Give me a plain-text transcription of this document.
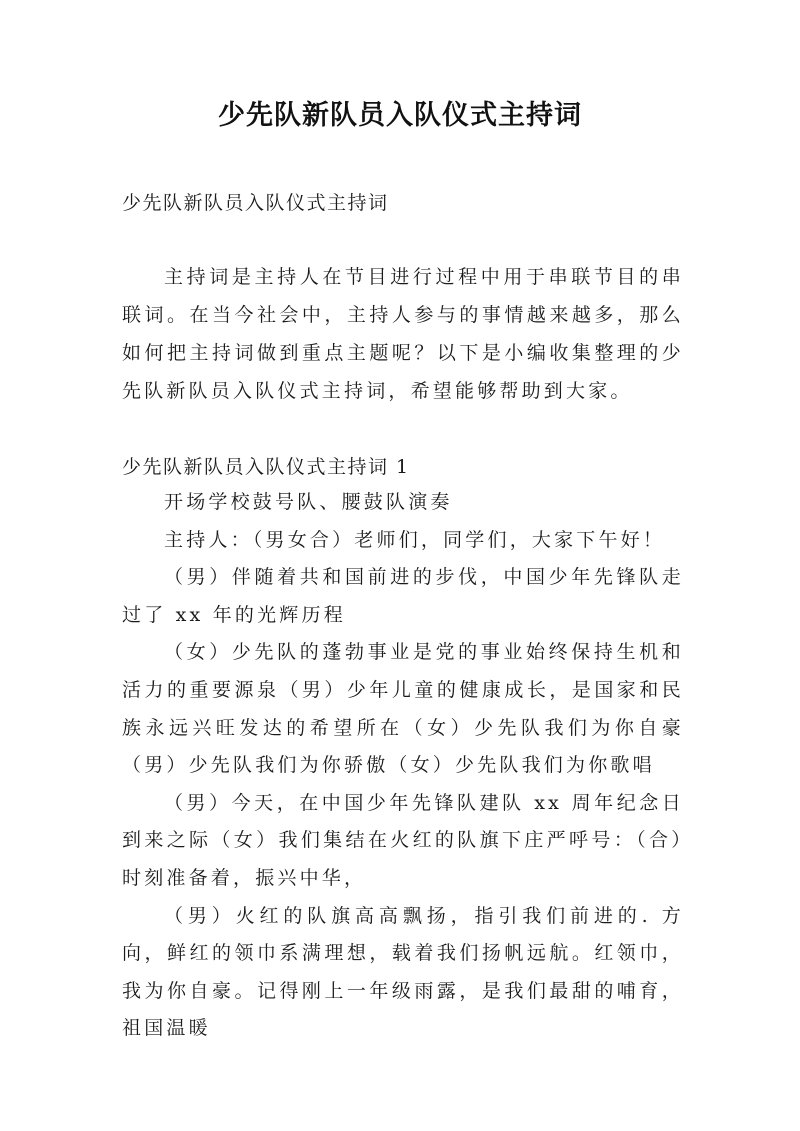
少先队新队员入队仪式主持词
少先队新队员入队仪式主持词

主持词是主持人在节目进行过程中用于串联节目的串联词。在当今社会中，主持人参与的事情越来越多，那么如何把主持词做到重点主题呢？以下是小编收集整理的少先队新队员入队仪式主持词，希望能够帮助到大家。

少先队新队员入队仪式主持词 1

开场学校鼓号队、腰鼓队演奏

主持人：（男女合）老师们，同学们，大家下午好！

（男）伴随着共和国前进的步伐，中国少年先锋队走过了 xx 年的光辉历程

（女）少先队的蓬勃事业是党的事业始终保持生机和活力的重要源泉（男）少年儿童的健康成长，是国家和民族永远兴旺发达的希望所在（女）少先队我们为你自豪（男）少先队我们为你骄傲（女）少先队我们为你歌唱

（男）今天，在中国少年先锋队建队 xx 周年纪念日到来之际（女）我们集结在火红的队旗下庄严呼号：（合）时刻准备着，振兴中华，

（男）火红的队旗高高飘扬，指引我们前进的. 方向，鲜红的领巾系满理想，载着我们扬帆远航。红领巾，我为你自豪。记得刚上一年级雨露，是我们最甜的哺育，祖国温暖
